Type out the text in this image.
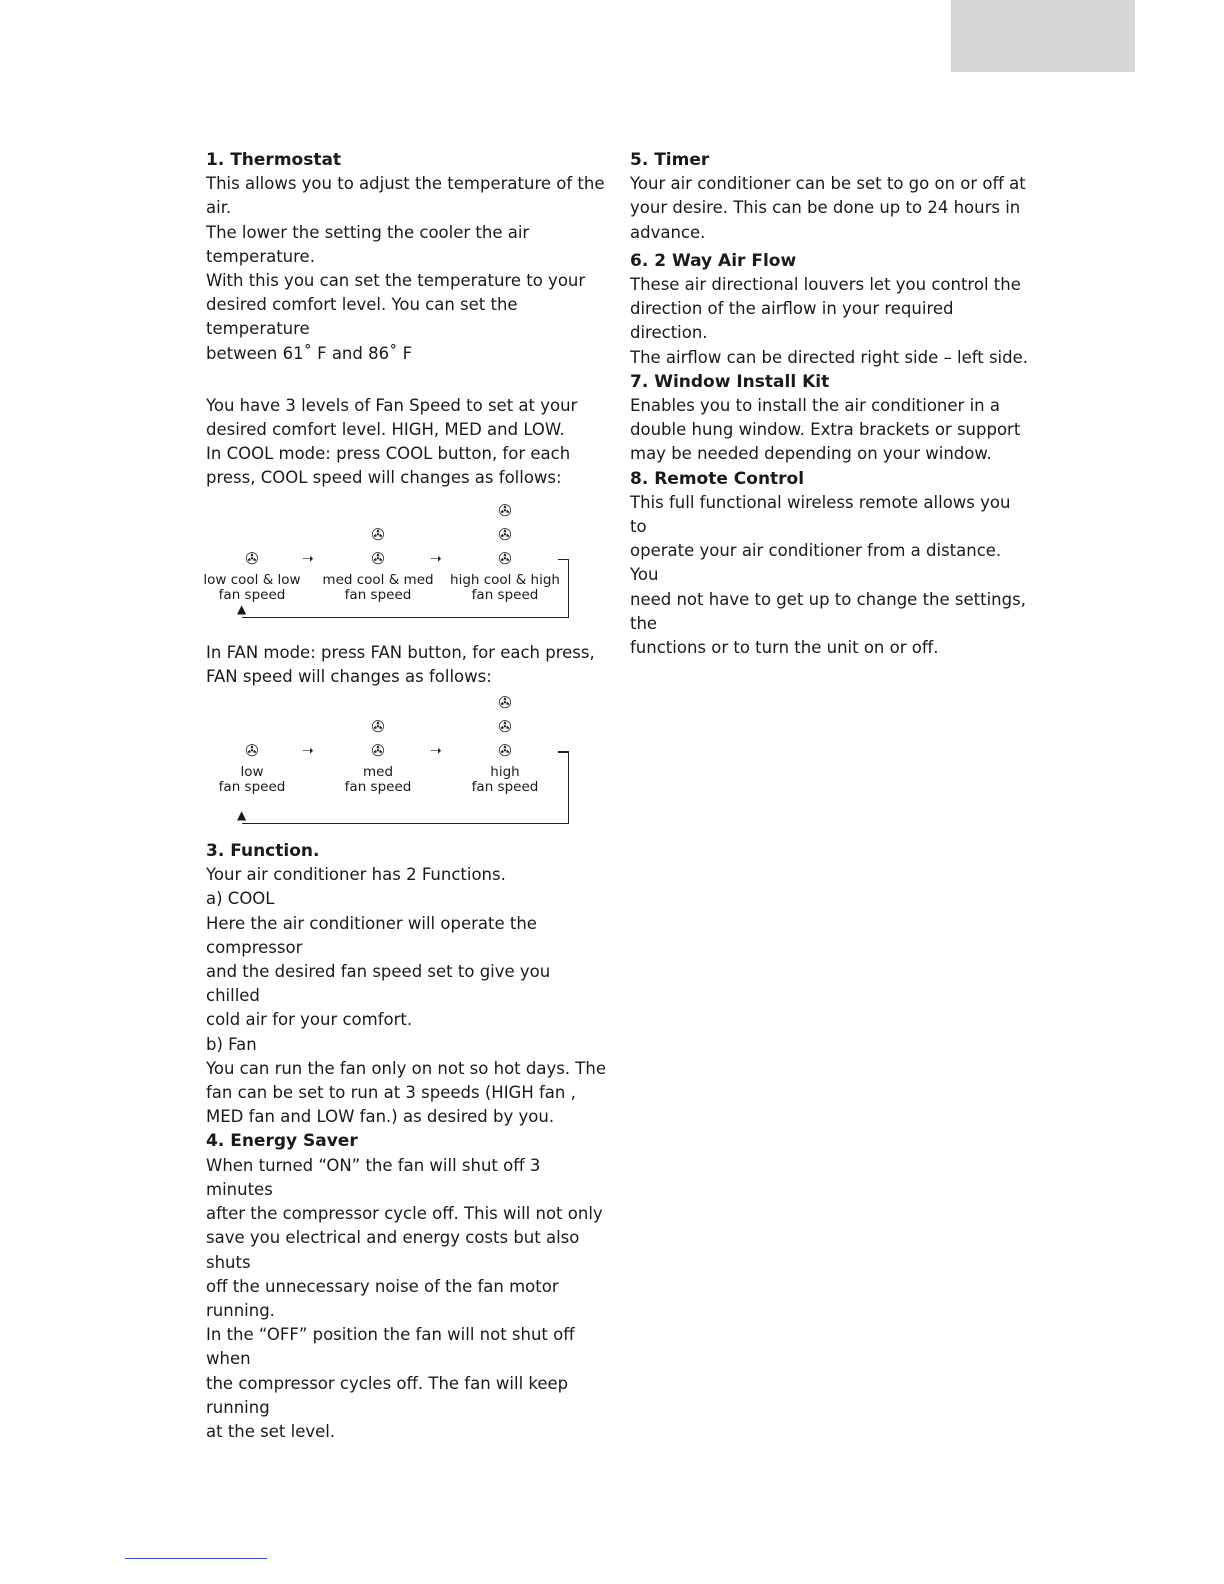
1. Thermostat

This allows you to adjust the temperature of the air.

The lower the setting the cooler the air temperature.

With this you can set the temperature to your

desired comfort level. You can set the temperature

between 61˚ F and 86˚ F

You have 3 levels of Fan Speed to set at your

desired comfort level. HIGH, MED and LOW.

In COOL mode: press COOL button, for each

press, COOL speed will changes as follows:

✇
✇	✇
✇	✇	✇
➝	➝
low cool & low
fan speed
med cool & med
fan speed
high cool & high
fan speed
▲

In FAN mode: press FAN button, for each press,

FAN speed will changes as follows:

✇
✇	✇
✇	✇	✇
➝	➝
low
fan speed
med
fan speed
high
fan speed
▲
3. Function.

Your air conditioner has 2 Functions.

a) COOL

Here the air conditioner will operate the compressor

and the desired fan speed set to give you chilled

cold air for your comfort.

b) Fan

You can run the fan only on not so hot days. The

fan can be set to run at 3 speeds (HIGH fan ,

MED fan and LOW fan.) as desired by you.

4. Energy Saver

When turned “ON” the fan will shut off 3 minutes

after the compressor cycle off. This will not only

save you electrical and energy costs but also shuts

off the unnecessary noise of the fan motor running.

In the “OFF” position the fan will not shut off when

the compressor cycles off. The fan will keep running

at the set level.

5. Timer

Your air conditioner can be set to go on or off at

your desire. This can be done up to 24 hours in

advance.

6. 2 Way Air Flow

These air directional louvers let you control the

direction of the airflow in your required direction.

The airflow can be directed right side – left side.

7. Window Install Kit

Enables you to install the air conditioner in a

double hung window. Extra brackets or support

may be needed depending on your window.

8. Remote Control

This full functional wireless remote allows you to

operate your air conditioner from a distance. You

need not have to get up to change the settings, the

functions or to turn the unit on or off.
